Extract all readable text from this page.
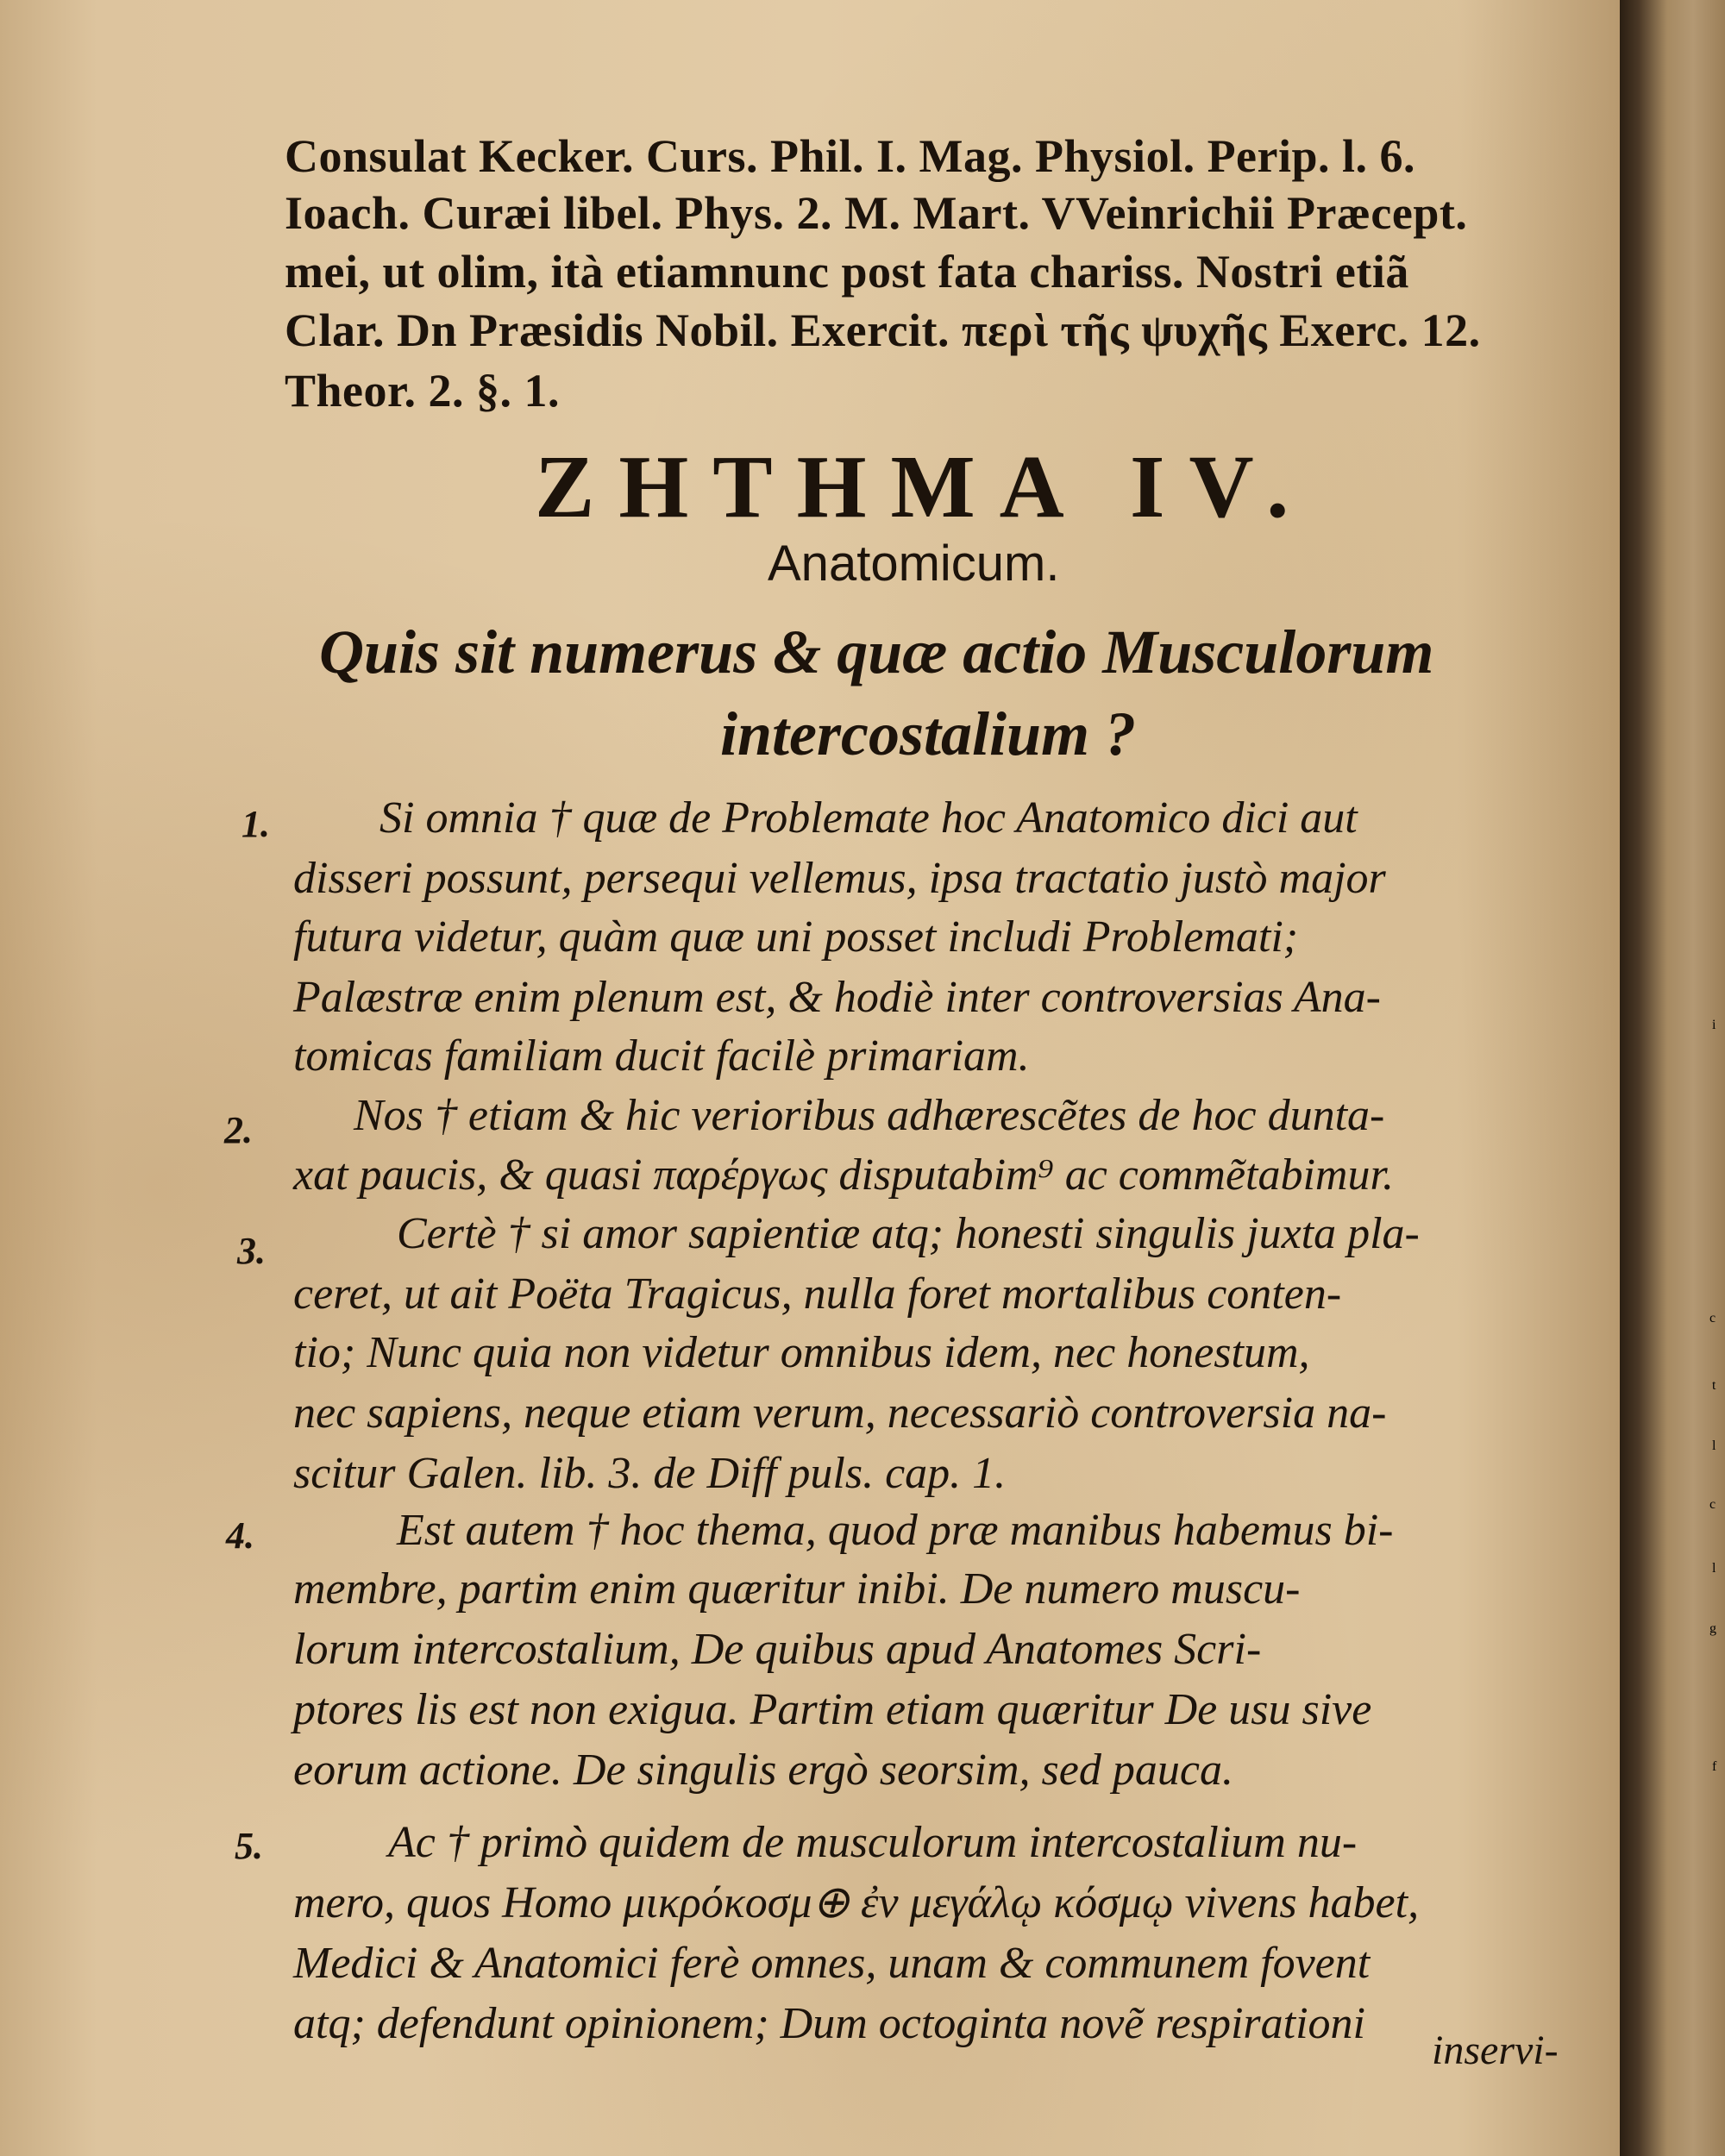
Consulat Kecker. Curs. Phil. I. Mag. Physiol. Perip. l. 6.
Ioach. Curæi libel. Phys. 2. M. Mart. VVeinrichii Præcept.
mei, ut olim, ità etiamnunc post fata chariss. Nostri etiã
Clar. Dn Præsidis Nobil. Exercit. περὶ τῆς ψυχῆς Exerc. 12.
Theor. 2. §. 1.
ZHTHMA IV.
Anatomicum.
Quis sit numerus & quæ actio Musculorum
intercostalium ?
1.
2.
3.
4.
5.
Si omnia † quæ de Problemate hoc Anatomico dici aut
disseri possunt, persequi vellemus, ipsa tractatio justò major
futura videtur, quàm quæ uni posset includi Problemati;
Palæstræ enim plenum est, & hodiè inter controversias Ana-
tomicas familiam ducit facilè primariam.
Nos † etiam & hic verioribus adhærescẽtes de hoc dunta-
xat paucis, & quasi παρέργως disputabim⁹ ac commẽtabimur.
Certè † si amor sapientiæ atq; honesti singulis juxta pla-
ceret, ut ait Poëta Tragicus, nulla foret mortalibus conten-
tio; Nunc quia non videtur omnibus idem, nec honestum,
nec sapiens, neque etiam verum, necessariò controversia na-
scitur Galen. lib. 3. de Diff puls. cap. 1.
Est autem † hoc thema, quod præ manibus habemus bi-
membre, partim enim quæritur inibi. De numero muscu-
lorum intercostalium, De quibus apud Anatomes Scri-
ptores lis est non exigua. Partim etiam quæritur De usu sive
eorum actione. De singulis ergò seorsim, sed pauca.
Ac † primò quidem de musculorum intercostalium nu-
mero, quos Homo μικρόκοσμ⊕ ἐν μεγάλῳ κόσμῳ vivens habet,
Medici & Anatomici ferè omnes, unam & communem fovent
atq; defendunt opinionem; Dum octoginta novẽ respirationi
inservi-
i
c
t
l
c
l
g
f
